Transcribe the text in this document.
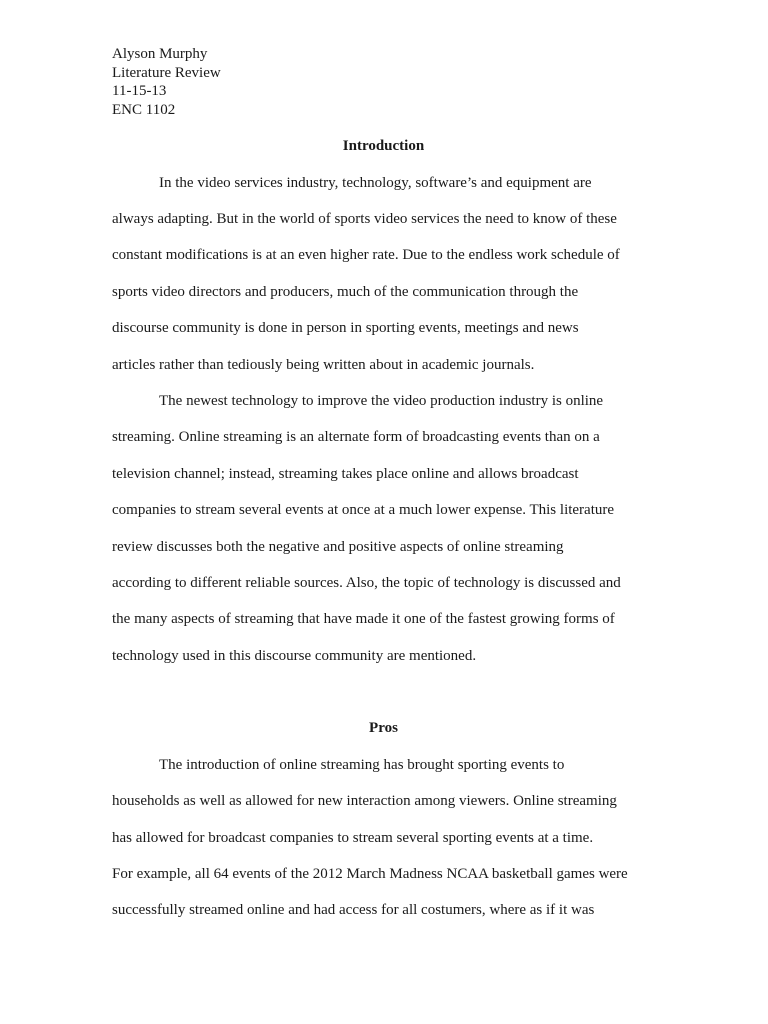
Alyson Murphy
Literature Review
11-15-13
ENC 1102
Introduction
In the video services industry, technology, software’s and equipment are
always adapting. But in the world of sports video services the need to know of these
constant modifications is at an even higher rate. Due to the endless work schedule of
sports video directors and producers, much of the communication through the
discourse community is done in person in sporting events, meetings and news
articles rather than tediously being written about in academic journals.
The newest technology to improve the video production industry is online
streaming. Online streaming is an alternate form of broadcasting events than on a
television channel; instead, streaming takes place online and allows broadcast
companies to stream several events at once at a much lower expense. This literature
review discusses both the negative and positive aspects of online streaming
according to different reliable sources. Also, the topic of technology is discussed and
the many aspects of streaming that have made it one of the fastest growing forms of
technology used in this discourse community are mentioned.
Pros
The introduction of online streaming has brought sporting events to
households as well as allowed for new interaction among viewers. Online streaming
has allowed for broadcast companies to stream several sporting events at a time.
For example, all 64 events of the 2012 March Madness NCAA basketball games were
successfully streamed online and had access for all costumers, where as if it was
